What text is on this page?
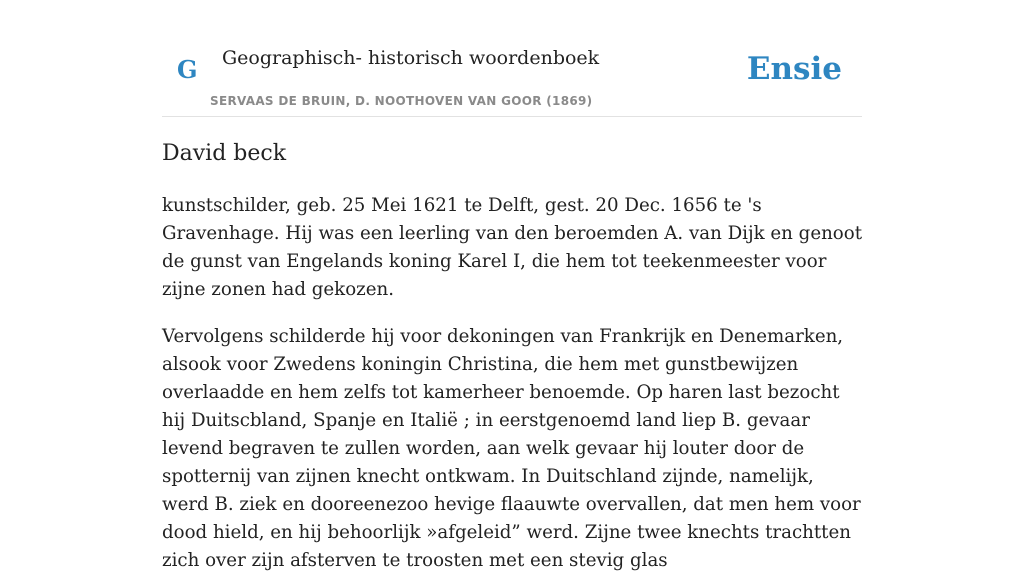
G Geographisch- historisch woordenboek
SERVAAS DE BRUIN, D. NOOTHOVEN VAN GOOR (1869)
Ensie
David beck

kunstschilder, geb. 25 Mei 1621 te Delft, gest. 20 Dec. 1656 te 's Gravenhage. Hij was een leerling van den beroemden A. van Dijk en genoot de gunst van Engelands koning Karel I, die hem tot teekenmeester voor zijne zonen had gekozen.

Vervolgens schilderde hij voor dekoningen van Frankrijk en Denemarken, alsook voor Zwedens koningin Christina, die hem met gunstbewijzen overlaadde en hem zelfs tot kamerheer benoemde. Op haren last bezocht hij Duitscbland, Spanje en Italië ; in eerstgenoemd land liep B. gevaar levend begraven te zullen worden, aan welk gevaar hij louter door de spotternij van zijnen knecht ontkwam. In Duitschland zijnde, namelijk, werd B. ziek en dooreenezoo hevige flaauwte overvallen, dat men hem voor dood hield, en hij behoorlijk »afgeleid” werd. Zijne twee knechts trachtten zich over zijn afsterven te troosten met een stevig glas
